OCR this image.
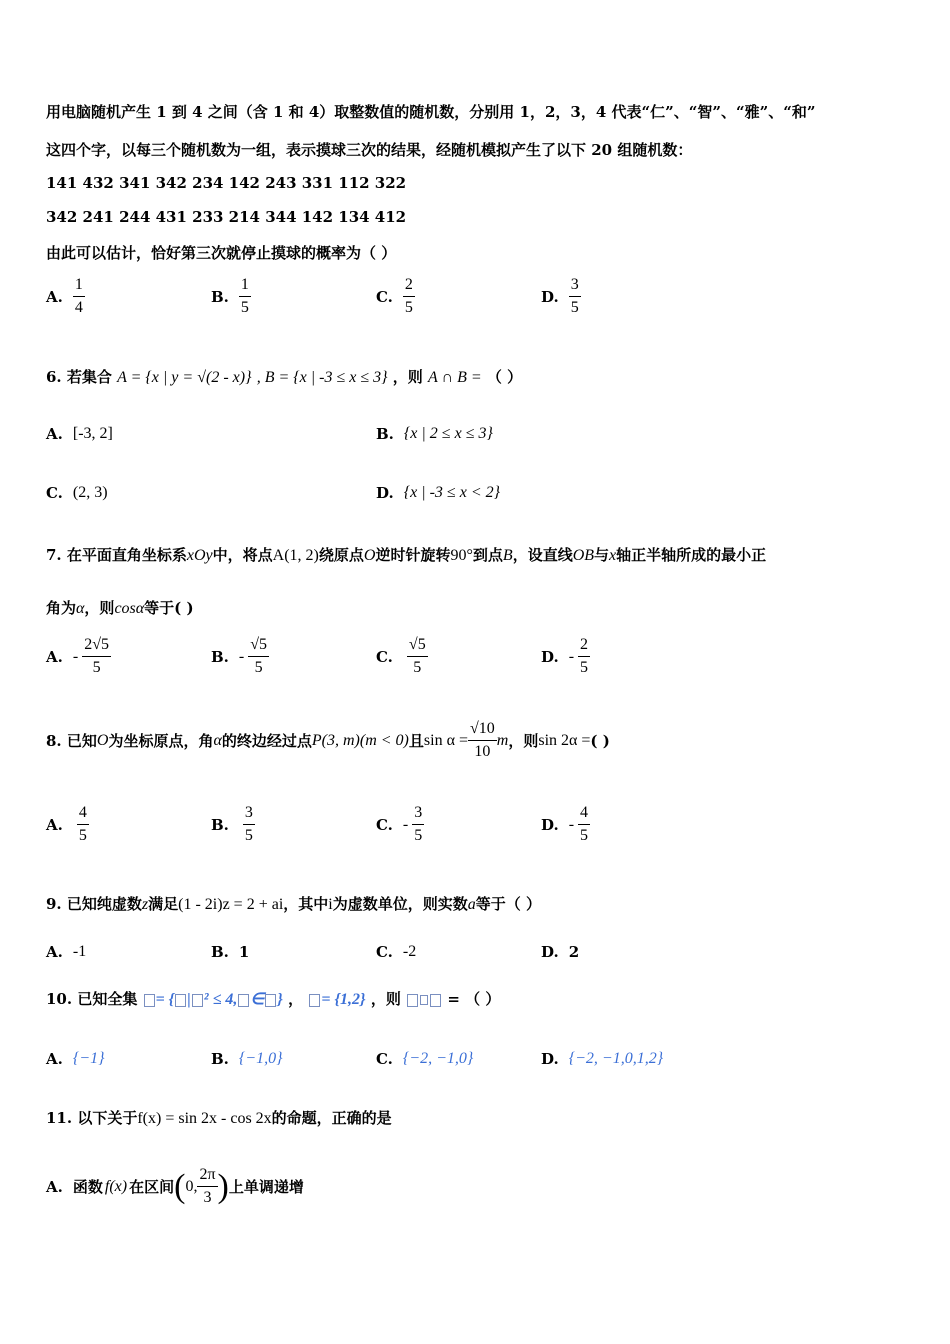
用电脑随机产生 1 到 4 之间（含 1 和 4）取整数值的随机数，分别用 1，2，3，4 代表“仁”、“智”、“雅”、“和”
这四个字，以每三个随机数为一组，表示摸球三次的结果，经随机模拟产生了以下 20 组随机数：
141 432 341 342 234 142 243 331 112 322
342 241 244 431 233 214 344 142 134 412
由此可以估计，恰好第三次就停止摸球的概率为（ ）
A. $\frac{1}{4}$	B. $\frac{1}{5}$	C. $\frac{2}{5}$	D. $\frac{3}{5}$
6. 若集合 A = {x | y = √(2 - x)} , B = {x | -3 ≤ x ≤ 3} ，则 A ∩ B = （ ）
A. [-3, 2]	B. {x | 2 ≤ x ≤ 3}
C. (2, 3)	D. {x | -3 ≤ x < 2}
7. 在平面直角坐标系xOy中，将点A(1, 2)绕原点O逆时针旋转90°到点B，设直线OB与x轴正半轴所成的最小正
角为α，则cosα等于( )
A. - $\frac{2√5}{5}$	B. - $\frac{√5}{5}$	C. $\frac{√5}{5}$	D. - $\frac{2}{5}$
8. 已知 O 为坐标原点，角 α 的终边经过点 P(3, m)(m < 0) 且 $\sin \alpha = \frac{√10}{10}$ m ，则 sin 2α = ( )
A. $\frac{4}{5}$	B. $\frac{3}{5}$	C. - $\frac{3}{5}$	D. - $\frac{4}{5}$
9. 已知纯虚数z满足(1 - 2i)z = 2 + ai，其中i为虚数单位，则实数a等于（ ）
A. -1	B. 1	C. -2	D. 2
10. 已知全集 = { | ² ≤ 4, ∈ } ， = {1,2} ，则	= （ ）
A. {−1}	B. {−1,0}	C. {−2, −1,0}	D. {−2, −1,0,1,2}
11. 以下关于f(x) = sin 2x - cos 2x的命题，正确的是
A. 函数 f(x) 在区间 ( 0, $\frac{2\pi}{3}$ ) 上单调递增
